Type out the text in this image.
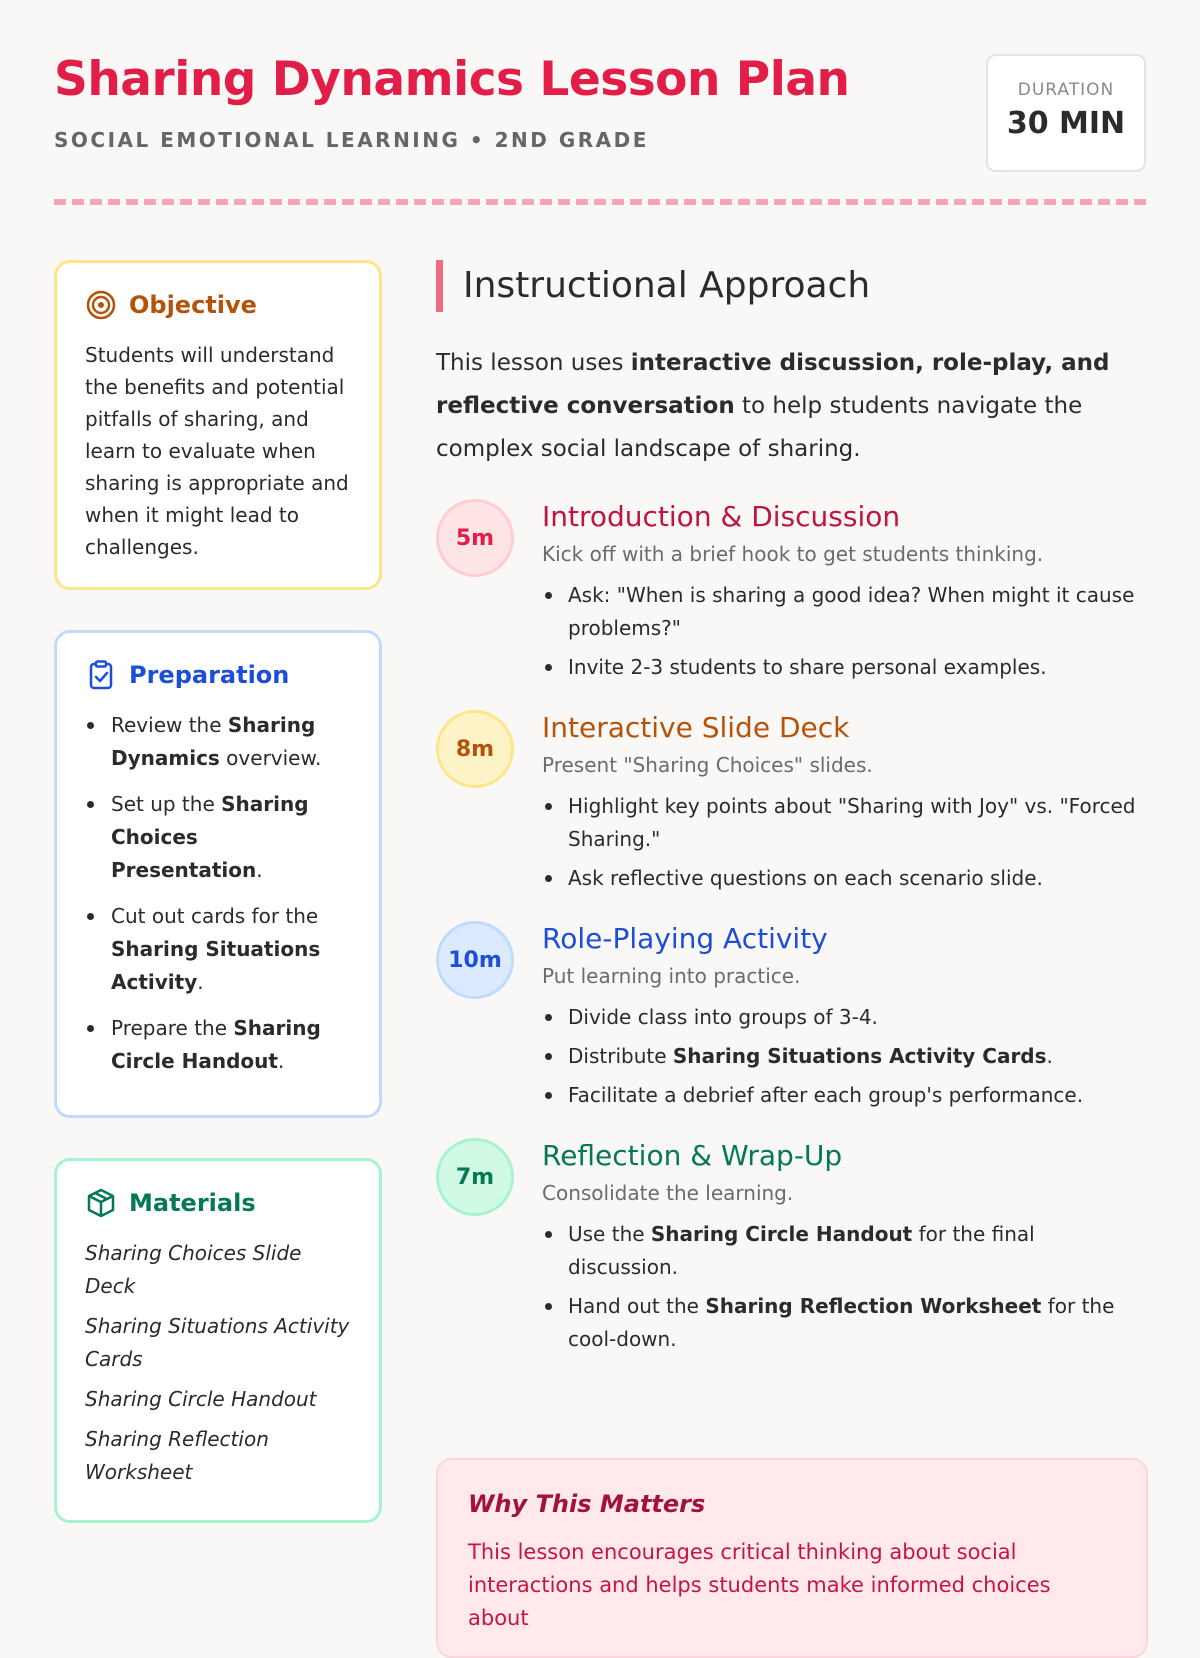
Sharing Dynamics Lesson Plan
SOCIAL EMOTIONAL LEARNING • 2ND GRADE
DURATION
30 MIN
Objective
Students will understand the benefits and potential pitfalls of sharing, and learn to evaluate when sharing is appropriate and when it might lead to challenges.
Preparation
Review the Sharing Dynamics overview.
Set up the Sharing Choices Presentation.
Cut out cards for the Sharing Situations Activity.
Prepare the Sharing Circle Handout.
Materials
Sharing Choices Slide Deck
Sharing Situations Activity Cards
Sharing Circle Handout
Sharing Reflection Worksheet
Instructional Approach
This lesson uses interactive discussion, role-play, and reflective conversation to help students navigate the complex social landscape of sharing.
5m
Introduction & Discussion
Kick off with a brief hook to get students thinking.
Ask: "When is sharing a good idea? When might it cause problems?"
Invite 2-3 students to share personal examples.
8m
Interactive Slide Deck
Present "Sharing Choices" slides.
Highlight key points about "Sharing with Joy" vs. "Forced Sharing."
Ask reflective questions on each scenario slide.
10m
Role-Playing Activity
Put learning into practice.
Divide class into groups of 3-4.
Distribute Sharing Situations Activity Cards.
Facilitate a debrief after each group's performance.
7m
Reflection & Wrap-Up
Consolidate the learning.
Use the Sharing Circle Handout for the final discussion.
Hand out the Sharing Reflection Worksheet for the cool-down.
Why This Matters
This lesson encourages critical thinking about social interactions and helps students make informed choices about
